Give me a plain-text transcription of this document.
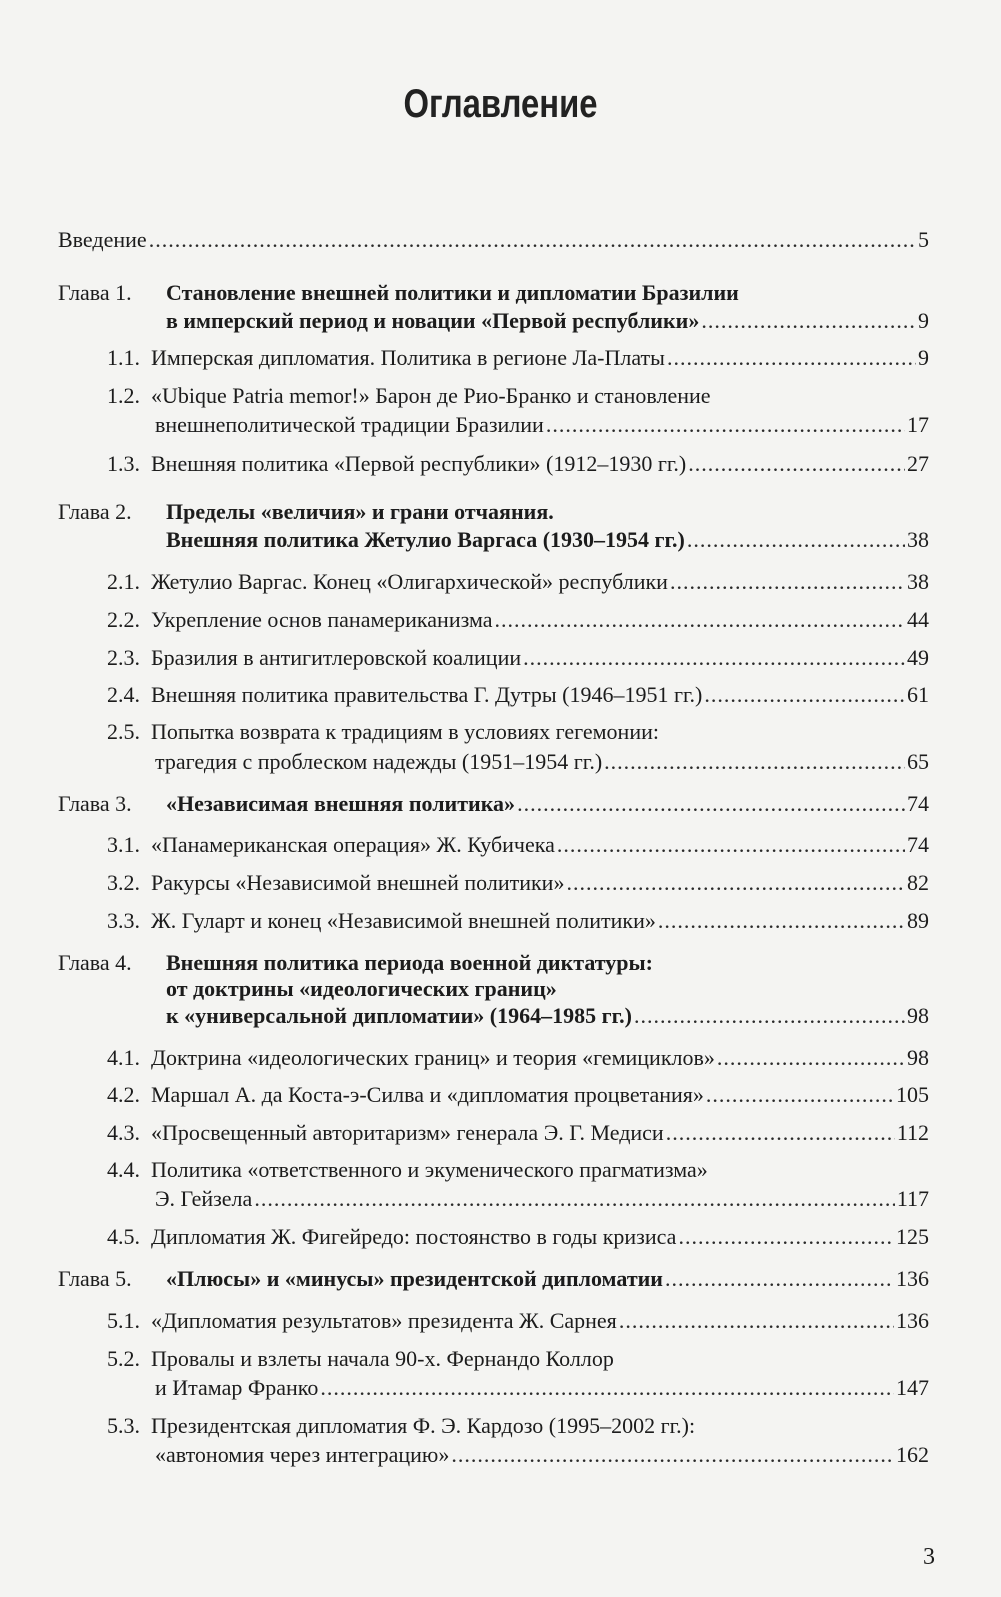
Оглавление
Введение .....	5
Глава 1. Становление внешней политики и дипломатии Бразилии
в имперский период и новации «Первой республики» .....	9
1.1. Имперская дипломатия. Политика в регионе Ла-Платы .....	9
1.2. «Ubique Patria memor!» Барон де Рио-Бранко и становление
внешнеполитической традиции Бразилии .....	17
1.3. Внешняя политика «Первой республики» (1912–1930 гг.) .....	27
Глава 2. Пределы «величия» и грани отчаяния.
Внешняя политика Жетулио Варгаса (1930–1954 гг.) .....	38
2.1. Жетулио Варгас. Конец «Олигархической» республики .....	38
2.2. Укрепление основ панамериканизма .....	44
2.3. Бразилия в антигитлеровской коалиции .....	49
2.4. Внешняя политика правительства Г. Дутры (1946–1951 гг.) .....	61
2.5. Попытка возврата к традициям в условиях гегемонии:
трагедия с проблеском надежды (1951–1954 гг.) .....	65
Глава 3. «Независимая внешняя политика» .....	74
3.1. «Панамериканская операция» Ж. Кубичека .....	74
3.2. Ракурсы «Независимой внешней политики» .....	82
3.3. Ж. Гуларт и конец «Независимой внешней политики» .....	89
Глава 4. Внешняя политика периода военной диктатуры:
от доктрины «идеологических границ»
к «универсальной дипломатии» (1964–1985 гг.) .....	98
4.1. Доктрина «идеологических границ» и теория «гемициклов» .....	98
4.2. Маршал А. да Коста-э-Силва и «дипломатия процветания» .....	105
4.3. «Просвещенный авторитаризм» генерала Э. Г. Медиси .....	112
4.4. Политика «ответственного и экуменического прагматизма»
Э. Гейзела .....	117
4.5. Дипломатия Ж. Фигейредо: постоянство в годы кризиса .....	125
Глава 5. «Плюсы» и «минусы» президентской дипломатии .....	136
5.1. «Дипломатия результатов» президента Ж. Сарнея .....	136
5.2. Провалы и взлеты начала 90-х. Фернандо Коллор
и Итамар Франко .....	147
5.3. Президентская дипломатия Ф. Э. Кардозо (1995–2002 гг.):
«автономия через интеграцию» .....	162
3
